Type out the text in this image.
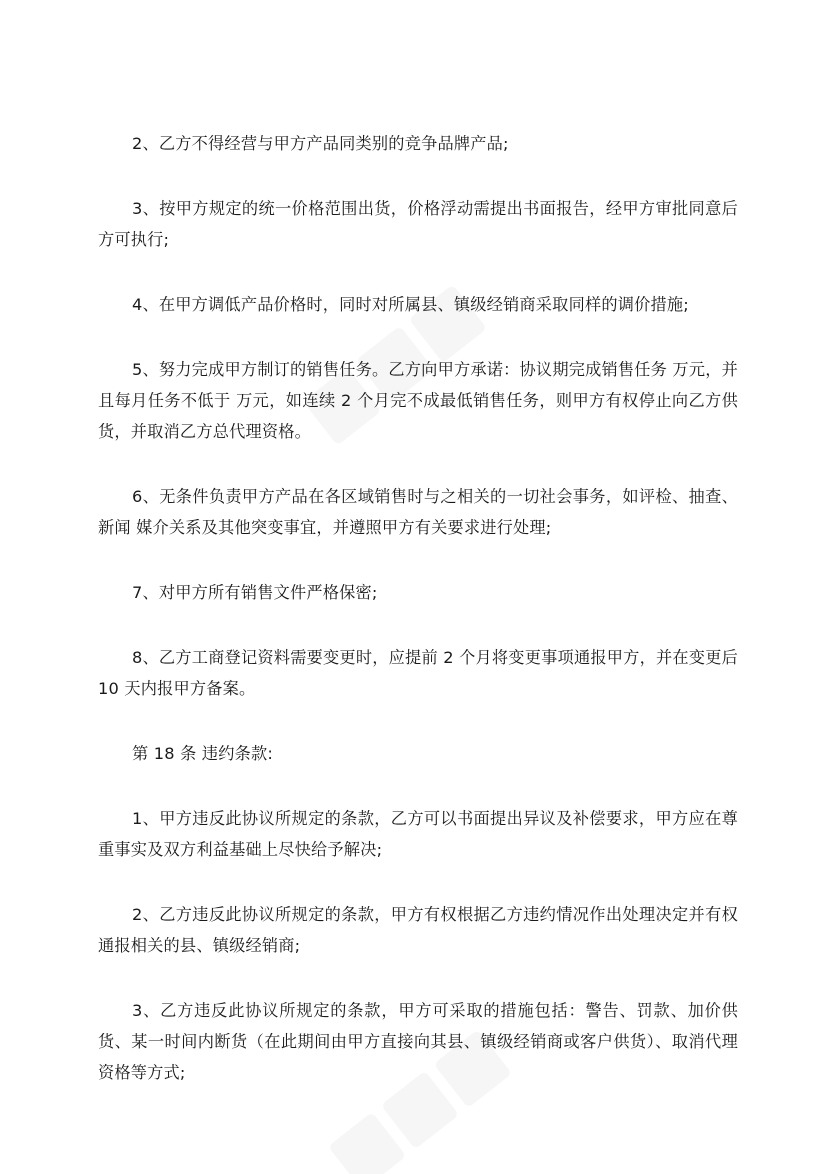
2、乙方不得经营与甲方产品同类别的竞争品牌产品;

3、按甲方规定的统一价格范围出货，价格浮动需提出书面报告，经甲方审批同意后方可执行;

4、在甲方调低产品价格时，同时对所属县、镇级经销商采取同样的调价措施;

5、努力完成甲方制订的销售任务。乙方向甲方承诺：协议期完成销售任务 万元，并且每月任务不低于 万元，如连续 2 个月完不成最低销售任务，则甲方有权停止向乙方供货，并取消乙方总代理资格。

6、无条件负责甲方产品在各区域销售时与之相关的一切社会事务，如评检、抽查、新闻 媒介关系及其他突变事宜，并遵照甲方有关要求进行处理;

7、对甲方所有销售文件严格保密;

8、乙方工商登记资料需要变更时，应提前 2 个月将变更事项通报甲方，并在变更后 10 天内报甲方备案。

第 18 条 违约条款:

1、甲方违反此协议所规定的条款，乙方可以书面提出异议及补偿要求，甲方应在尊重事实及双方利益基础上尽快给予解决;

2、乙方违反此协议所规定的条款，甲方有权根据乙方违约情况作出处理决定并有权通报相关的县、镇级经销商;

3、乙方违反此协议所规定的条款，甲方可采取的措施包括：警告、罚款、加价供货、某一时间内断货（在此期间由甲方直接向其县、镇级经销商或客户供货）、取消代理资格等方式;
